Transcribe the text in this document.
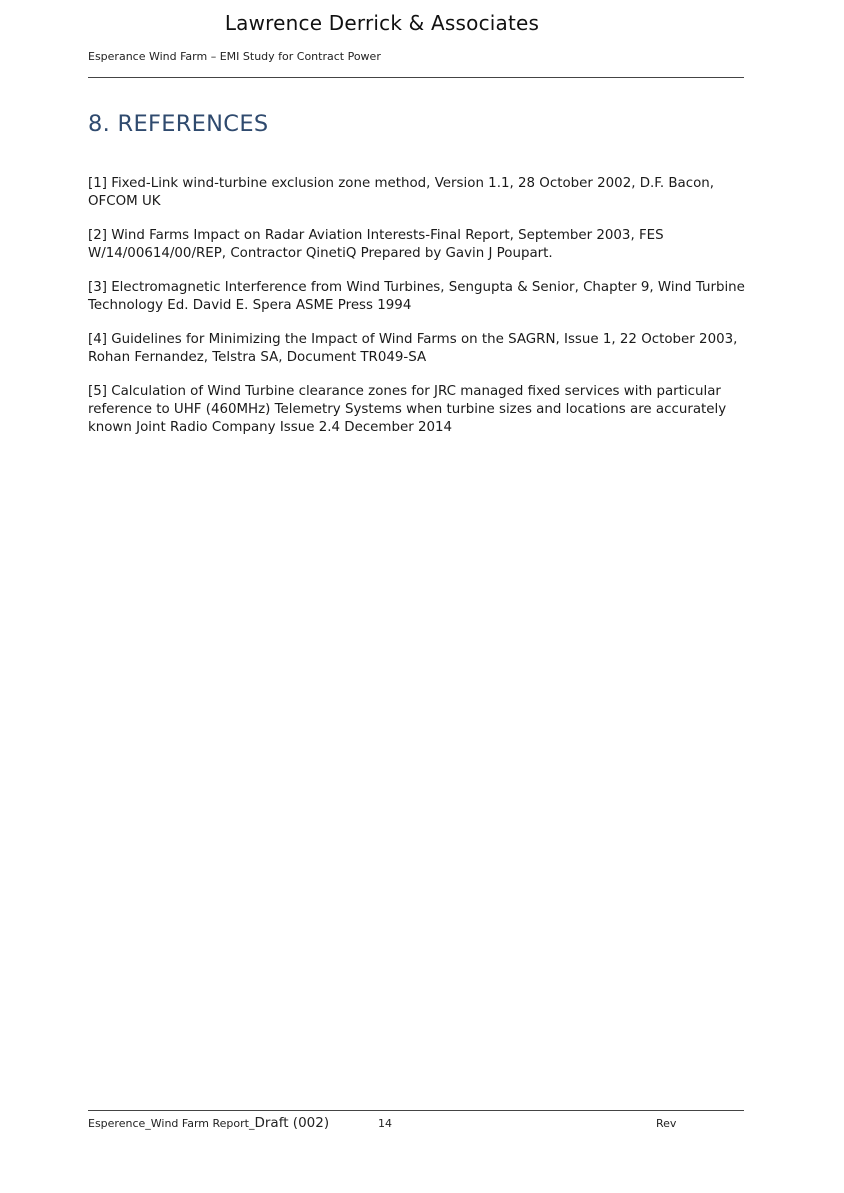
Lawrence Derrick & Associates
Esperance Wind Farm – EMI Study for Contract Power
8. REFERENCES

[1] Fixed-Link wind-turbine exclusion zone method, Version 1.1, 28 October 2002, D.F. Bacon, OFCOM UK

[2] Wind Farms Impact on Radar Aviation Interests-Final Report, September 2003, FES W/14/00614/00/REP, Contractor QinetiQ Prepared by Gavin J Poupart.

[3] Electromagnetic Interference from Wind Turbines, Sengupta & Senior, Chapter 9, Wind Turbine Technology Ed. David E. Spera ASME Press 1994

[4] Guidelines for Minimizing the Impact of Wind Farms on the SAGRN, Issue 1, 22 October 2003, Rohan Fernandez, Telstra SA, Document TR049-SA

[5] Calculation of Wind Turbine clearance zones for JRC managed fixed services with particular reference to UHF (460MHz) Telemetry Systems when turbine sizes and locations are accurately known Joint Radio Company Issue 2.4 December 2014

Esperence_Wind Farm Report_Draft (002)	14	Rev
